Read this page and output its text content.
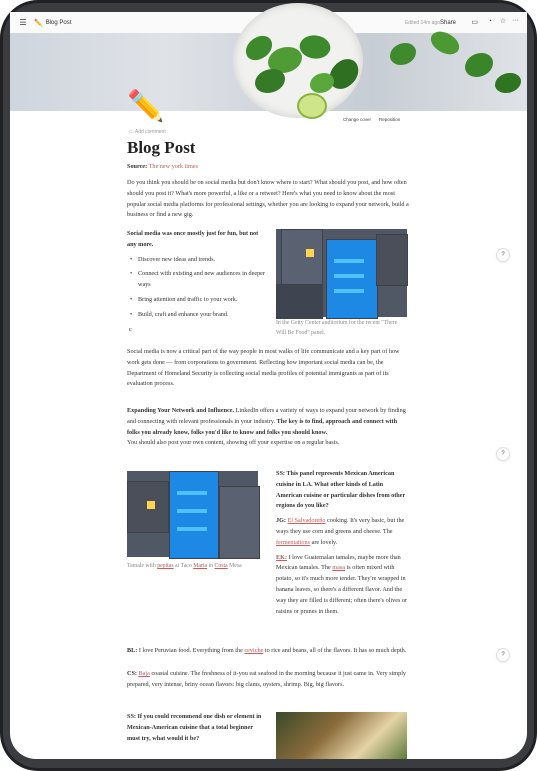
☰ ✏️ Blog Post	Edited 14m ago Share ▭ ◔ ☆ ···
Change cover	Reposition
✏️
▭ Add comment
Blog Post
Source: The new york times
Do you think you should be on social media but don't know where to start? What should you post, and how often should you post it? What's more powerful, a like or a retweet? Here's what you need to know about the most popular social media platforms for professional settings, whether you are looking to expand your network, build a business or find a new gig.
Social media was once mostly just for fun, but not any more.
• Discover new ideas and trends.
• Connect with existing and new audiences in deeper ways
• Bring attention and traffic to your work.
• Build, craft and enhance your brand.
c
In the Getty Center auditorium for the recent "There Will Be Food" panel.
Social media is now a critical part of the way people in most walks of life communicate and a key part of how work gets done — from corporations to government. Reflecting how important social media can be, the Department of Homeland Security is collecting social media profiles of potential immigrants as part of its evaluation process.
Expanding Your Network and Influence. LinkedIn offers a variety of ways to expand your network by finding and connecting with relevant professionals in your industry. The key is to find, approach and connect with folks you already know, folks you'd like to know and folks you should know.
You should also post your own content, showing off your expertise on a regular basis.
Tamale with pepitas at Taco Maria in Costa Mesa
SS: This panel represents Mexican American cuisine in LA. What other kinds of Latin American cuisine or particular dishes from other regions do you like?
JG: El Salvadoreño cooking. It's very basic, but the ways they use corn and greens and cheese. The fermentations are lovely.
EK: I love Guatemalan tamales, maybe more than Mexican tamales. The masa is often mixed with potato, so it's much more tender. They're wrapped in banana leaves, so there's a different flavor. And the way they are filled is different; often there's olives or raisins or prunes in them.
BL: I love Peruvian food. Everything from the ceviche to rice and beans, all of the flavors. It has so much depth.
CS: Baja coastal cuisine. The freshness of it-you eat seafood in the morning because it just came in. Very simply prepared, very intense, briny ocean flavors: big clams, oysters, shrimp. Big, big flavors.
SS: If you could recommend one dish or element in Mexican-American cuisine that a total beginner must try, what would it be?
?
?
?
